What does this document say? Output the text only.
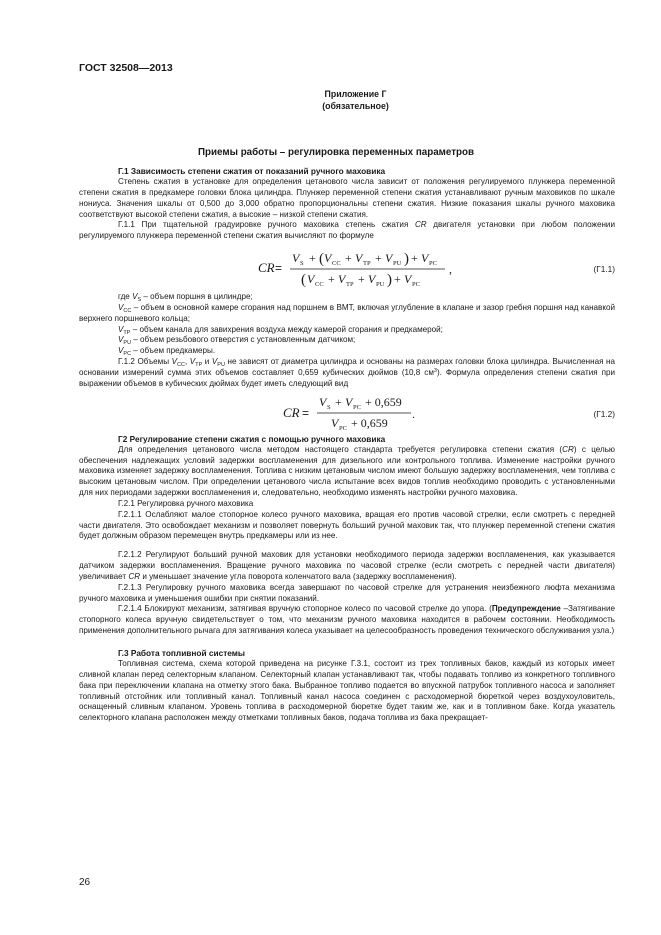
ГОСТ 32508—2013
Приложение Г
(обязательное)
Приемы работы – регулировка переменных параметров
Г.1 Зависимость степени сжатия от показаний ручного маховика

Степень сжатия в установке для определения цетанового числа зависит от положения регулируемого плунжера переменной степени сжатия в предкамере головки блока цилиндра. Плунжер переменной степени сжатия устанавливают ручным маховиков по шкале нониуса. Значения шкалы от 0,500 до 3,000 обратно пропорциональны степени сжатия. Низкие показания шкалы ручного маховика соответствуют высокой степени сжатия, а высокие – низкой степени сжатия.

Г.1.1 При тщательной градуировке ручного маховика степень сжатия CR двигателя установки при любом положении регулируемого плунжера переменной степени сжатия вычисляют по формуле

CR =
V S + ( V CC + V TP + V PU ) + V PC
( V CC + V TP + V PU ) + V PC
,	(Г1.1)

где $V_S$ – объем поршня в цилиндре;

$V_{CC}$ – объем в основной камере сгорания над поршнем в ВМТ, включая углубление в клапане и зазор гребня поршня над канавкой верхнего поршневого кольца;

$V_{TP}$ – объем канала для завихрения воздуха между камерой сгорания и предкамерой;

$V_{PU}$ – объем резьбового отверстия с установленным датчиком;

$V_{PC}$ – объем предкамеры.

Г.1.2 Объемы $V_{CC}$, $V_{TP}$ и $V_{PU}$ не зависят от диаметра цилиндра и основаны на размерах головки блока цилиндра. Вычисленная на основании измерений сумма этих объемов составляет 0,659 кубических дюймов (10,8 $см^3$). Формула определения степени сжатия при выражении объемов в кубических дюймах будет иметь следующий вид

CR =
V S + V PC + 0,659
V PC + 0,659
.	(Г1.2)
Г2 Регулирование степени сжатия с помощью ручного маховика

Для определения цетанового числа методом настоящего стандарта требуется регулировка степени сжатия (CR) с целью обеспечения надлежащих условий задержки воспламенения для дизельного или контрольного топлива. Изменение настройки ручного маховика изменяет задержку воспламенения. Топлива с низким цетановым числом имеют большую задержку воспламенения, чем топлива с высоким цетановым числом. При определении цетанового числа испытание всех видов топлив необходимо проводить с установленными для них периодами задержки воспламенения и, следовательно, необходимо изменять настройки ручного маховика.

Г.2.1 Регулировка ручного маховика

Г.2.1.1 Ослабляют малое стопорное колесо ручного маховика, вращая его против часовой стрелки, если смотреть с передней части двигателя. Это освобождает механизм и позволяет повернуть больший ручной маховик так, что плунжер переменной степени сжатия будет должным образом перемещен внутрь предкамеры или из нее.

Г.2.1.2 Регулируют больший ручной маховик для установки необходимого периода задержки воспламенения, как указывается датчиком задержки воспламенения. Вращение ручного маховика по часовой стрелке (если смотреть с передней части двигателя) увеличивает CR и уменьшает значение угла поворота коленчатого вала (задержку воспламенения).

Г.2.1.3 Регулировку ручного маховика всегда завершают по часовой стрелке для устранения неизбежного люфта механизма ручного маховика и уменьшения ошибки при снятии показаний.

Г.2.1.4 Блокируют механизм, затягивая вручную стопорное колесо по часовой стрелке до упора. (Предупреждение –Затягивание стопорного колеса вручную свидетельствует о том, что механизм ручного маховика находится в рабочем состоянии. Необходимость применения дополнительного рычага для затягивания колеса указывает на целесообразность проведения технического обслуживания узла.)

Г.3 Работа топливной системы

Топливная система, схема которой приведена на рисунке Г.3.1, состоит из трех топливных баков, каждый из которых имеет сливной клапан перед селекторным клапаном. Селекторный клапан устанавливают так, чтобы подавать топливо из конкретного топливного бака при переключении клапана на отметку этого бака. Выбранное топливо подается во впускной патрубок топливного насоса и заполняет топливный отстойник или топливный канал. Топливный канал насоса соединен с расходомерной бюреткой через воздухоуловитель, оснащенный сливным клапаном. Уровень топлива в расходомерной бюретке будет таким же, как и в топливном баке. Когда указатель селекторного клапана расположен между отметками топливных баков, подача топлива из бака прекращает-

26
